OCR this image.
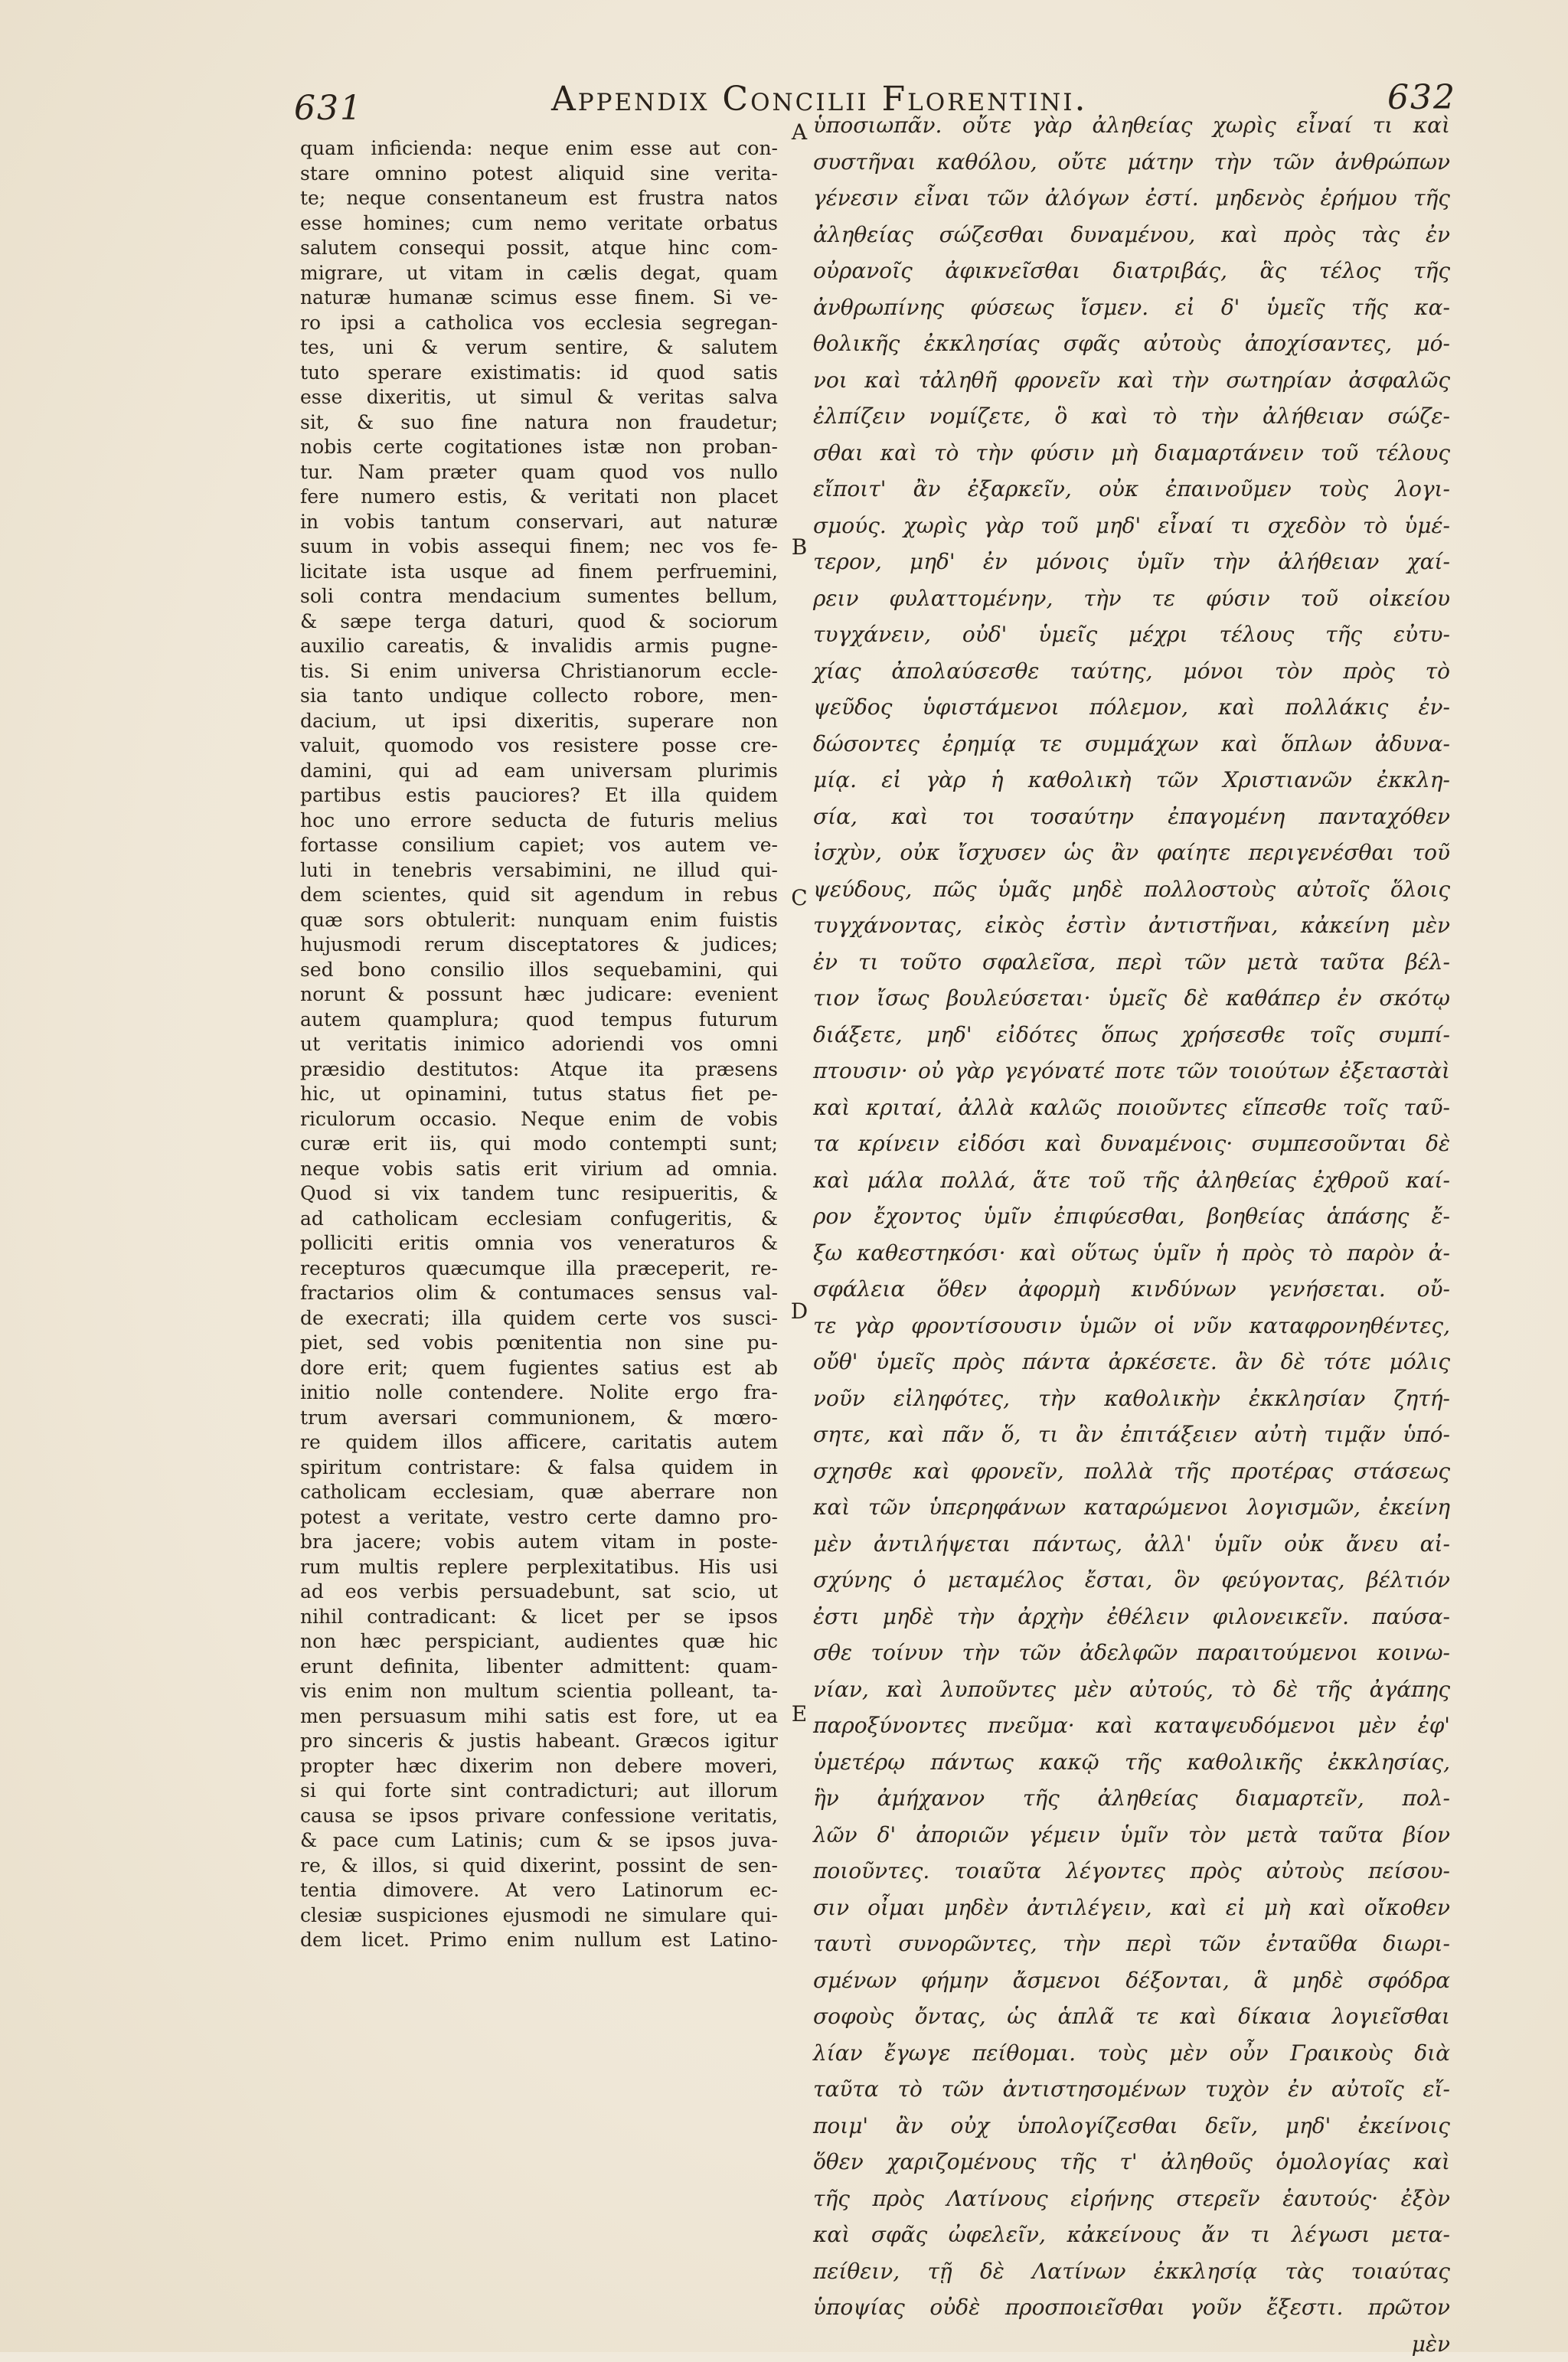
631	Appendix Concilii Florentini.	632
quam inficienda: neque enim esse aut con-
stare omnino potest aliquid sine verita-
te; neque consentaneum est frustra natos
esse homines; cum nemo veritate orbatus
salutem consequi possit, atque hinc com-
migrare, ut vitam in cælis degat, quam
naturæ humanæ scimus esse finem. Si ve-
ro ipsi a catholica vos ecclesia segregan-
tes, uni & verum sentire, & salutem
tuto sperare existimatis: id quod satis
esse dixeritis, ut simul & veritas salva
sit, & suo fine natura non fraudetur;
nobis certe cogitationes istæ non proban-
tur. Nam præter quam quod vos nullo
fere numero estis, & veritati non placet
in vobis tantum conservari, aut naturæ
suum in vobis assequi finem; nec vos fe-
licitate ista usque ad finem perfruemini,
soli contra mendacium sumentes bellum,
& sæpe terga daturi, quod & sociorum
auxilio careatis, & invalidis armis pugne-
tis. Si enim universa Christianorum eccle-
sia tanto undique collecto robore, men-
dacium, ut ipsi dixeritis, superare non
valuit, quomodo vos resistere posse cre-
damini, qui ad eam universam plurimis
partibus estis pauciores? Et illa quidem
hoc uno errore seducta de futuris melius
fortasse consilium capiet; vos autem ve-
luti in tenebris versabimini, ne illud qui-
dem scientes, quid sit agendum in rebus
quæ sors obtulerit: nunquam enim fuistis
hujusmodi rerum disceptatores & judices;
sed bono consilio illos sequebamini, qui
norunt & possunt hæc judicare: evenient
autem quamplura; quod tempus futurum
ut veritatis inimico adoriendi vos omni
præsidio destitutos: Atque ita præsens
hic, ut opinamini, tutus status fiet pe-
riculorum occasio. Neque enim de vobis
curæ erit iis, qui modo contempti sunt;
neque vobis satis erit virium ad omnia.
Quod si vix tandem tunc resipueritis, &
ad catholicam ecclesiam confugeritis, &
polliciti eritis omnia vos veneraturos &
recepturos quæcumque illa præceperit, re-
fractarios olim & contumaces sensus val-
de execrati; illa quidem certe vos susci-
piet, sed vobis pœnitentia non sine pu-
dore erit; quem fugientes satius est ab
initio nolle contendere. Nolite ergo fra-
trum aversari communionem, & mœro-
re quidem illos afficere, caritatis autem
spiritum contristare: & falsa quidem in
catholicam ecclesiam, quæ aberrare non
potest a veritate, vestro certe damno pro-
bra jacere; vobis autem vitam in poste-
rum multis replere perplexitatibus. His usi
ad eos verbis persuadebunt, sat scio, ut
nihil contradicant: & licet per se ipsos
non hæc perspiciant, audientes quæ hic
erunt definita, libenter admittent: quam-
vis enim non multum scientia polleant, ta-
men persuasum mihi satis est fore, ut ea
pro sinceris & justis habeant. Græcos igitur
propter hæc dixerim non debere moveri,
si qui forte sint contradicturi; aut illorum
causa se ipsos privare confessione veritatis,
& pace cum Latinis; cum & se ipsos juva-
re, & illos, si quid dixerint, possint de sen-
tentia dimovere. At vero Latinorum ec-
clesiæ suspiciones ejusmodi ne simulare qui-
dem licet. Primo enim nullum est Latino-
A
B
C
D
E
ὑποσιωπᾶν. οὔτε γὰρ ἀληθείας χωρὶς εἶναί τι καὶ
συστῆναι καθόλου, οὔτε μάτην τὴν τῶν ἀνθρώπων
γένεσιν εἶναι τῶν ἀλόγων ἐστί. μηδενὸς ἐρήμου τῆς
ἀληθείας σώζεσθαι δυναμένου, καὶ πρὸς τὰς ἐν
οὐρανοῖς ἀφικνεῖσθαι διατριβάς, ἃς τέλος τῆς
ἀνθρωπίνης φύσεως ἴσμεν. εἰ δ' ὑμεῖς τῆς κα-
θολικῆς ἐκκλησίας σφᾶς αὐτοὺς ἀποχίσαντες, μό-
νοι καὶ τἀληθῆ φρονεῖν καὶ τὴν σωτηρίαν ἀσφαλῶς
ἐλπίζειν νομίζετε, ὃ καὶ τὸ τὴν ἀλήθειαν σώζε-
σθαι καὶ τὸ τὴν φύσιν μὴ διαμαρτάνειν τοῦ τέλους
εἴποιτ' ἂν ἐξαρκεῖν, οὐκ ἐπαινοῦμεν τοὺς λογι-
σμούς. χωρὶς γὰρ τοῦ μηδ' εἶναί τι σχεδὸν τὸ ὑμέ-
τερον, μηδ' ἐν μόνοις ὑμῖν τὴν ἀλήθειαν χαί-
ρειν φυλαττομένην, τὴν τε φύσιν τοῦ οἰκείου
τυγχάνειν, οὐδ' ὑμεῖς μέχρι τέλους τῆς εὐτυ-
χίας ἀπολαύσεσθε ταύτης, μόνοι τὸν πρὸς τὸ
ψεῦδος ὑφιστάμενοι πόλεμον, καὶ πολλάκις ἐν-
δώσοντες ἐρημίᾳ τε συμμάχων καὶ ὅπλων ἀδυνα-
μίᾳ. εἰ γὰρ ἡ καθολικὴ τῶν Χριστιανῶν ἐκκλη-
σία, καὶ τοι τοσαύτην ἐπαγομένη πανταχόθεν
ἰσχὺν, οὐκ ἴσχυσεν ὡς ἂν φαίητε περιγενέσθαι τοῦ
ψεύδους, πῶς ὑμᾶς μηδὲ πολλοστοὺς αὐτοῖς ὅλοις
τυγχάνοντας, εἰκὸς ἐστὶν ἀντιστῆναι, κἀκείνη μὲν
ἐν τι τοῦτο σφαλεῖσα, περὶ τῶν μετὰ ταῦτα βέλ-
τιον ἴσως βουλεύσεται· ὑμεῖς δὲ καθάπερ ἐν σκότῳ
διάξετε, μηδ' εἰδότες ὅπως χρήσεσθε τοῖς συμπί-
πτουσιν· οὐ γὰρ γεγόνατέ ποτε τῶν τοιούτων ἐξεταστὰὶ
καὶ κριταί, ἀλλὰ καλῶς ποιοῦντες εἵπεσθε τοῖς ταῦ-
τα κρίνειν εἰδόσι καὶ δυναμένοις· συμπεσοῦνται δὲ
καὶ μάλα πολλά, ἅτε τοῦ τῆς ἀληθείας ἐχθροῦ καί-
ρον ἔχοντος ὑμῖν ἐπιφύεσθαι, βοηθείας ἁπάσης ἔ-
ξω καθεστηκόσι· καὶ οὕτως ὑμῖν ἡ πρὸς τὸ παρὸν ἀ-
σφάλεια ὅθεν ἀφορμὴ κινδύνων γενήσεται. οὔ-
τε γὰρ φροντίσουσιν ὑμῶν οἱ νῦν καταφρονηθέντες,
οὔθ' ὑμεῖς πρὸς πάντα ἀρκέσετε. ἂν δὲ τότε μόλις
νοῦν εἰληφότες, τὴν καθολικὴν ἐκκλησίαν ζητή-
σητε, καὶ πᾶν ὅ, τι ἂν ἐπιτάξειεν αὐτὴ τιμᾷν ὑπό-
σχησθε καὶ φρονεῖν, πολλὰ τῆς προτέρας στάσεως
καὶ τῶν ὑπερηφάνων καταρώμενοι λογισμῶν, ἐκείνη
μὲν ἀντιλήψεται πάντως, ἀλλ' ὑμῖν οὐκ ἄνευ αἰ-
σχύνης ὁ μεταμέλος ἔσται, ὃν φεύγοντας, βέλτιόν
ἐστι μηδὲ τὴν ἀρχὴν ἐθέλειν φιλονεικεῖν. παύσα-
σθε τοίνυν τὴν τῶν ἀδελφῶν παραιτούμενοι κοινω-
νίαν, καὶ λυποῦντες μὲν αὐτούς, τὸ δὲ τῆς ἀγάπης
παροξύνοντες πνεῦμα· καὶ καταψευδόμενοι μὲν ἐφ'
ὑμετέρῳ πάντως κακῷ τῆς καθολικῆς ἐκκλησίας,
ἣν ἀμήχανον τῆς ἀληθείας διαμαρτεῖν, πολ-
λῶν δ' ἀποριῶν γέμειν ὑμῖν τὸν μετὰ ταῦτα βίον
ποιοῦντες. τοιαῦτα λέγοντες πρὸς αὐτοὺς πείσου-
σιν οἶμαι μηδὲν ἀντιλέγειν, καὶ εἰ μὴ καὶ οἴκοθεν
ταυτὶ συνορῶντες, τὴν περὶ τῶν ἐνταῦθα διωρι-
σμένων φήμην ἄσμενοι δέξονται, ἃ μηδὲ σφόδρα
σοφοὺς ὄντας, ὡς ἁπλᾶ τε καὶ δίκαια λογιεῖσθαι
λίαν ἔγωγε πείθομαι. τοὺς μὲν οὖν Γραικοὺς διὰ
ταῦτα τὸ τῶν ἀντιστησομένων τυχὸν ἐν αὐτοῖς εἴ-
ποιμ' ἂν οὐχ ὑπολογίζεσθαι δεῖν, μηδ' ἐκείνοις
ὅθεν χαριζομένους τῆς τ' ἀληθοῦς ὁμολογίας καὶ
τῆς πρὸς Λατίνους εἰρήνης στερεῖν ἑαυτούς· ἐξὸν
καὶ σφᾶς ὠφελεῖν, κἀκείνους ἄν τι λέγωσι μετα-
πείθειν, τῇ δὲ Λατίνων ἐκκλησίᾳ τὰς τοιαύτας
ὑποψίας οὐδὲ προσποιεῖσθαι γοῦν ἔξεστι. πρῶτον
μὲν
